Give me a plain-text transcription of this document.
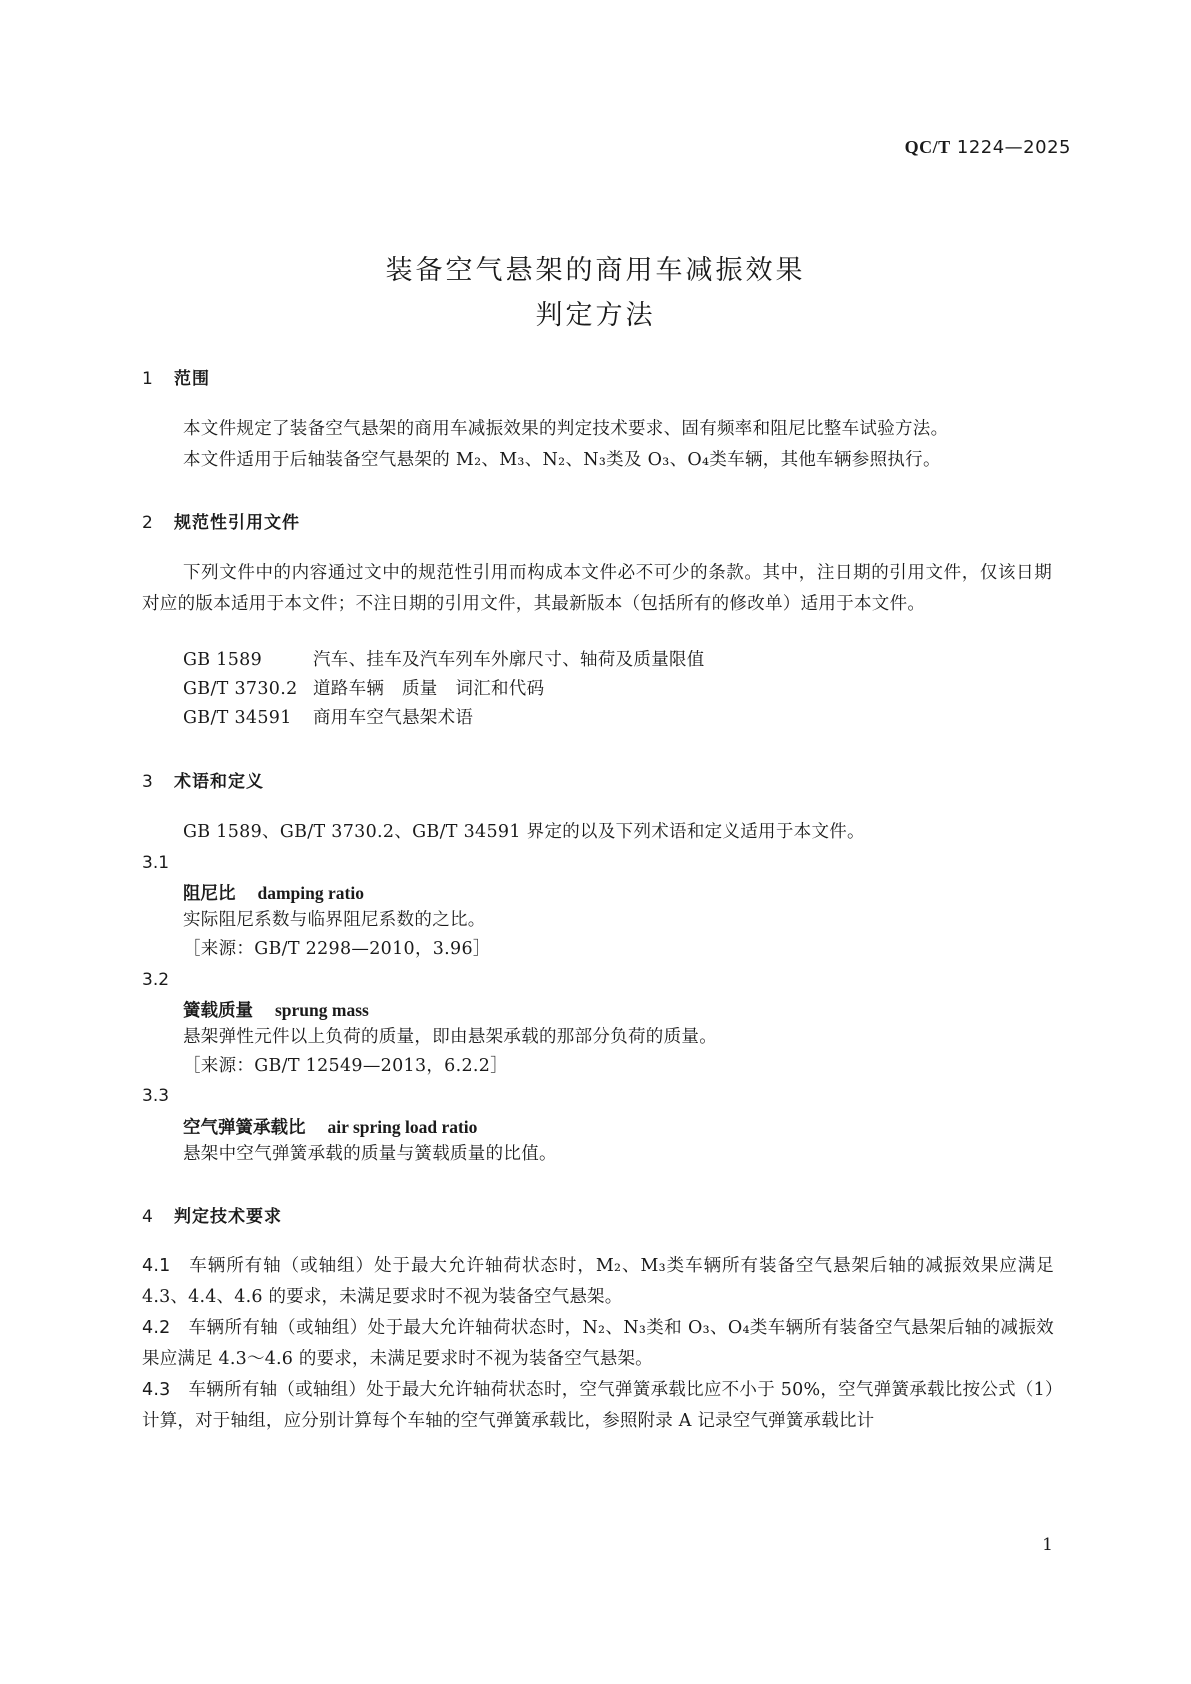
QC/T 1224—2025
装备空气悬架的商用车减振效果
判定方法
1 范围
本文件规定了装备空气悬架的商用车减振效果的判定技术要求、固有频率和阻尼比整车试验方法。
本文件适用于后轴装备空气悬架的 M₂、M₃、N₂、N₃类及 O₃、O₄类车辆，其他车辆参照执行。
2 规范性引用文件
下列文件中的内容通过文中的规范性引用而构成本文件必不可少的条款。其中，注日期的引用文件，仅该日期对应的版本适用于本文件；不注日期的引用文件，其最新版本（包括所有的修改单）适用于本文件。
GB 1589	汽车、挂车及汽车列车外廓尺寸、轴荷及质量限值
GB/T 3730.2 道路车辆　质量　词汇和代码
GB/T 34591 商用车空气悬架术语
3 术语和定义
GB 1589、GB/T 3730.2、GB/T 34591 界定的以及下列术语和定义适用于本文件。
3.1
阻尼比 damping ratio
实际阻尼系数与临界阻尼系数的之比。
［来源：GB/T 2298—2010，3.96］
3.2
簧载质量 sprung mass
悬架弹性元件以上负荷的质量，即由悬架承载的那部分负荷的质量。
［来源：GB/T 12549—2013，6.2.2］
3.3
空气弹簧承载比 air spring load ratio
悬架中空气弹簧承载的质量与簧载质量的比值。
4 判定技术要求
4.1 车辆所有轴（或轴组）处于最大允许轴荷状态时，M₂、M₃类车辆所有装备空气悬架后轴的减振效果应满足 4.3、4.4、4.6 的要求，未满足要求时不视为装备空气悬架。
4.2 车辆所有轴（或轴组）处于最大允许轴荷状态时，N₂、N₃类和 O₃、O₄类车辆所有装备空气悬架后轴的减振效果应满足 4.3～4.6 的要求，未满足要求时不视为装备空气悬架。
4.3 车辆所有轴（或轴组）处于最大允许轴荷状态时，空气弹簧承载比应不小于 50%，空气弹簧承载比按公式（1）计算，对于轴组，应分别计算每个车轴的空气弹簧承载比，参照附录 A 记录空气弹簧承载比计
1
